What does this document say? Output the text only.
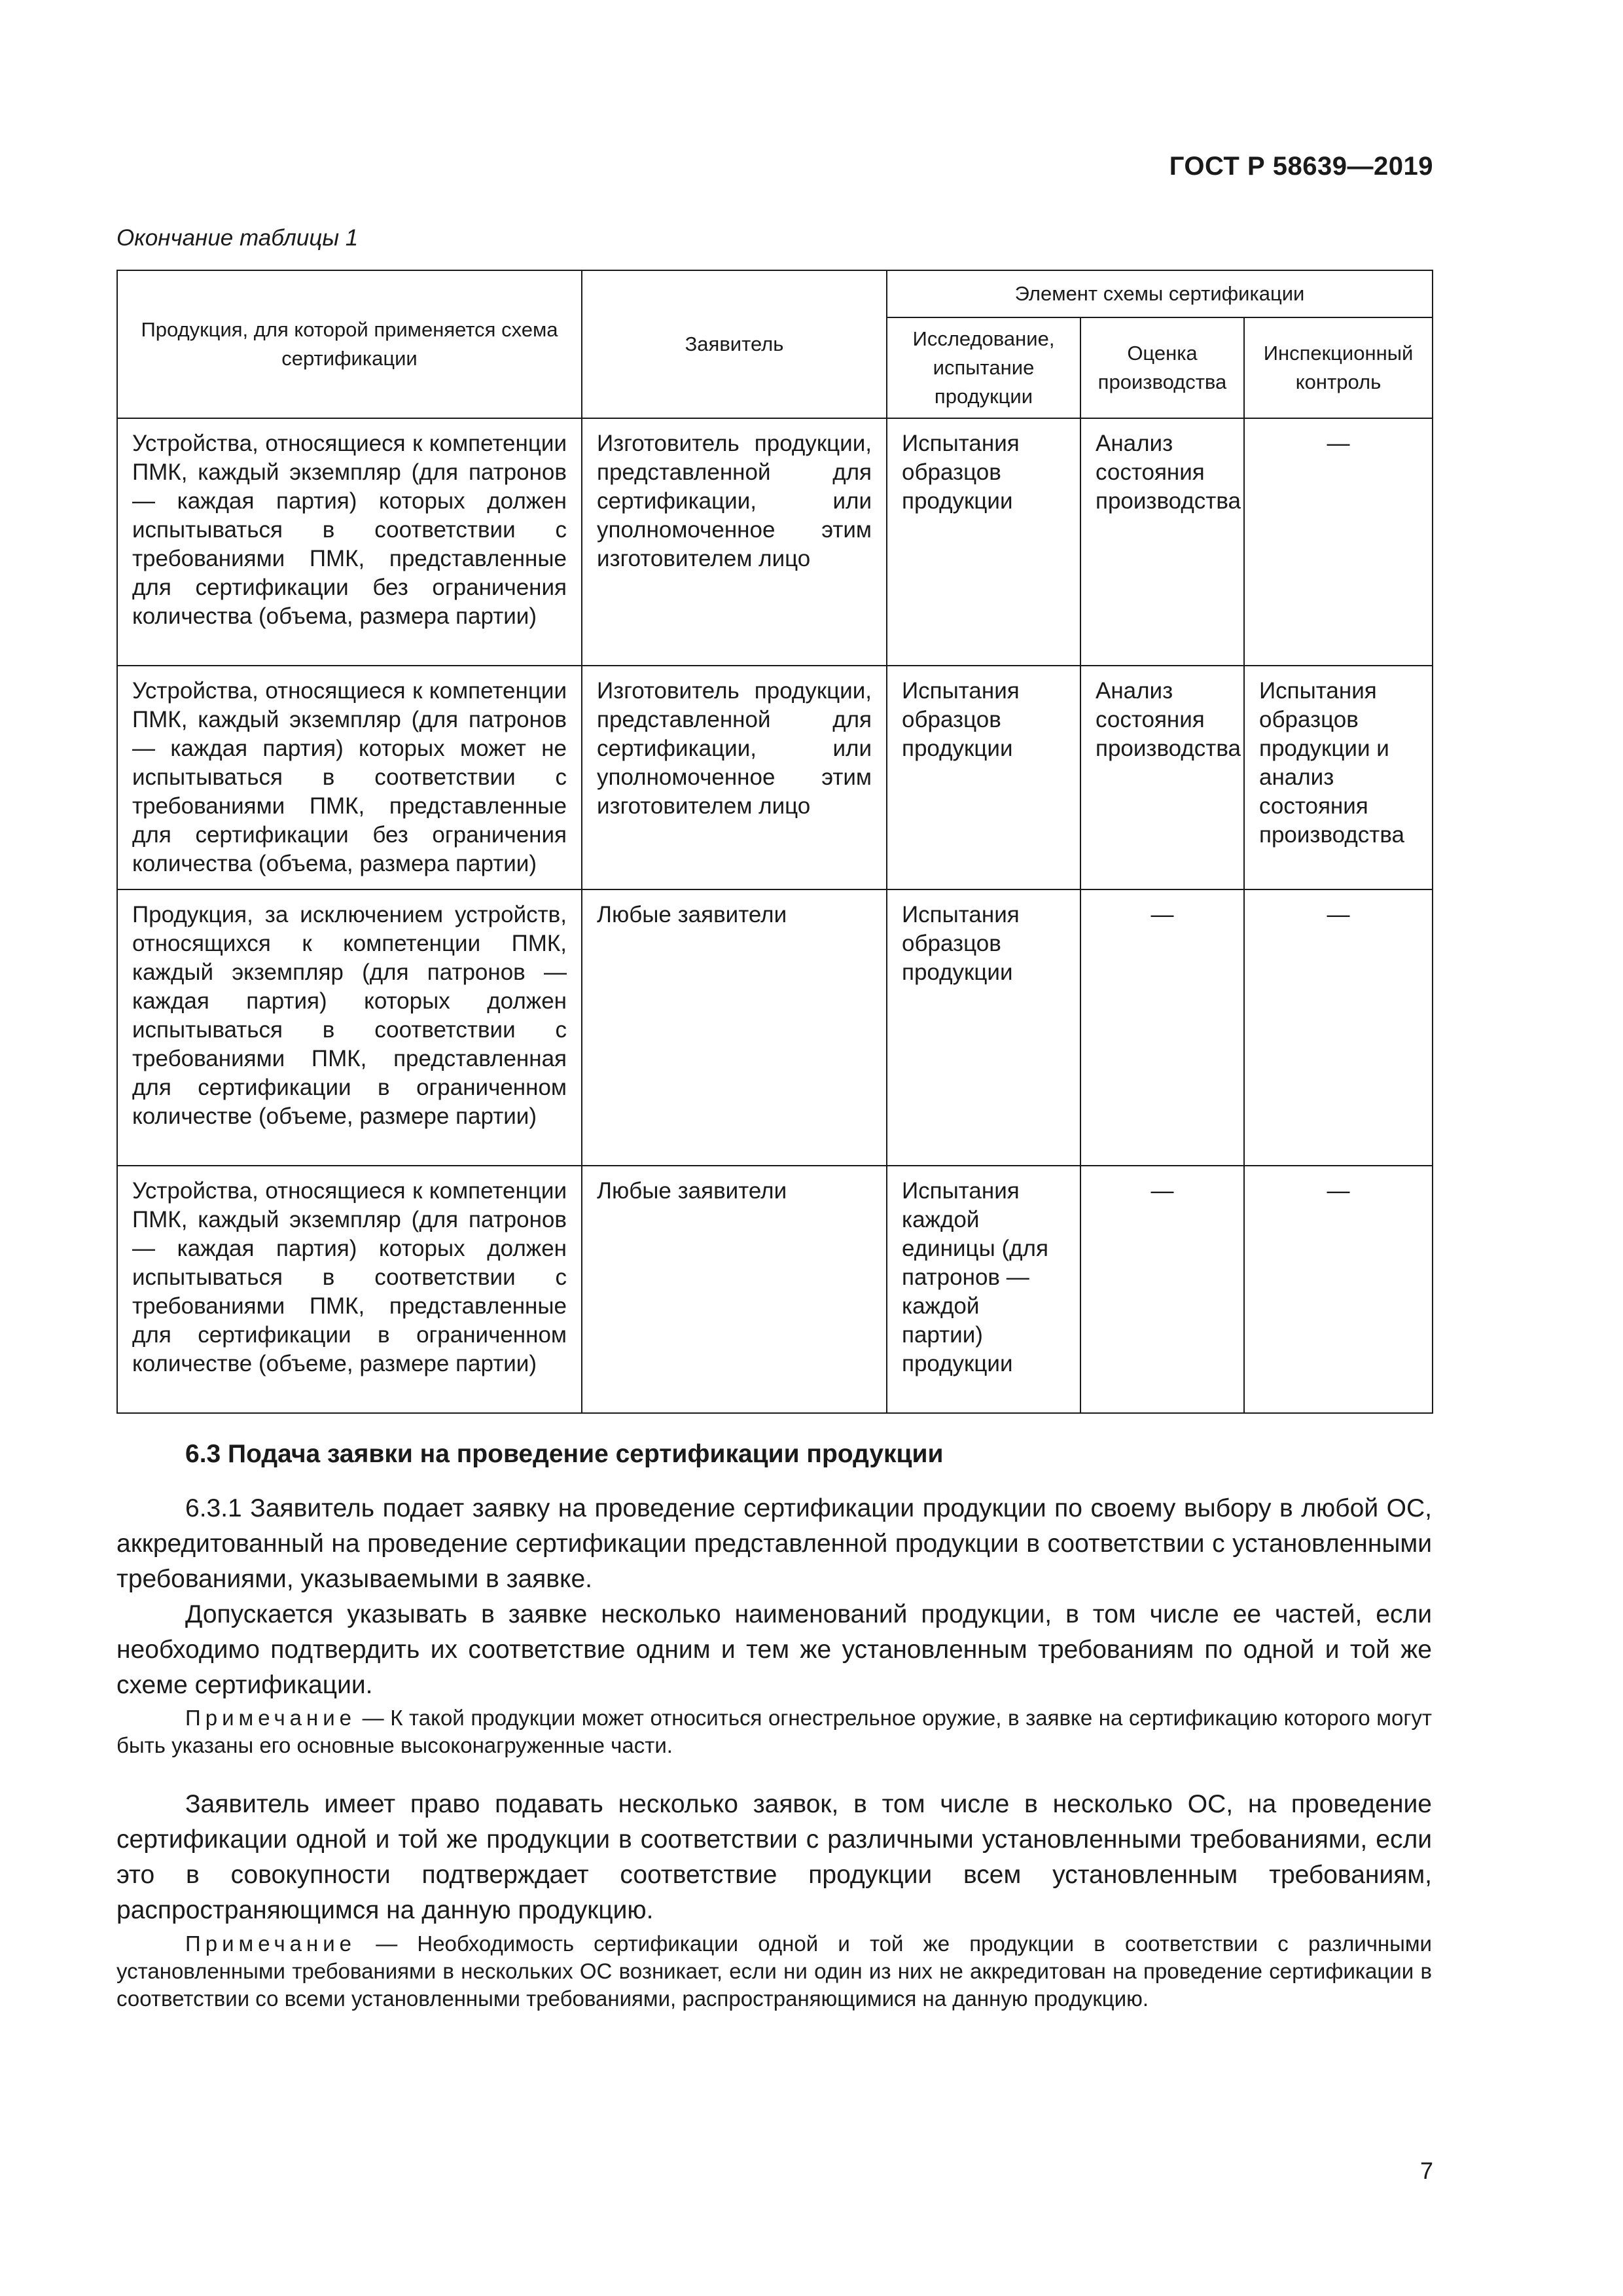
ГОСТ Р 58639—2019
Окончание таблицы 1
Продукция, для которой применяется схема сертификации	Заявитель	Элемент схемы сертификации		
		Исследование, испытание продукции	Оценка производства	Инспекционный контроль
Устройства, относящиеся к компетенции ПМК, каждый экземпляр (для патронов — каждая партия) которых должен испытываться в соответствии с требованиями ПМК, представленные для сертификации без ограничения количества (объема, размера партии)	Изготовитель продукции, представленной для сертификации, или уполномоченное этим изготовителем лицо	Испытания образцов продукции	Анализ состояния производства	—
Устройства, относящиеся к компетенции ПМК, каждый экземпляр (для патронов — каждая партия) которых может не испытываться в соответствии с требованиями ПМК, представленные для сертификации без ограничения количества (объема, размера партии)	Изготовитель продукции, представленной для сертификации, или уполномоченное этим изготовителем лицо	Испытания образцов продукции	Анализ состояния производства	Испытания образцов продукции и анализ состояния производства
Продукция, за исключением устройств, относящихся к компетенции ПМК, каждый экземпляр (для патронов — каждая партия) которых должен испытываться в соответствии с требованиями ПМК, представленная для сертификации в ограниченном количестве (объеме, размере партии)	Любые заявители	Испытания образцов продукции	—	—
Устройства, относящиеся к компетенции ПМК, каждый экземпляр (для патронов — каждая партия) которых должен испытываться в соответствии с требованиями ПМК, представленные для сертификации в ограниченном количестве (объеме, размере партии)	Любые заявители	Испытания каждой единицы (для патронов — каждой партии) продукции	—	—
6.3 Подача заявки на проведение сертификации продукции

6.3.1 Заявитель подает заявку на проведение сертификации продукции по своему выбору в любой ОС, аккредитованный на проведение сертификации представленной продукции в соответствии с установленными требованиями, указываемыми в заявке.

Допускается указывать в заявке несколько наименований продукции, в том числе ее частей, если необходимо подтвердить их соответствие одним и тем же установленным требованиям по одной и той же схеме сертификации.

Примечание — К такой продукции может относиться огнестрельное оружие, в заявке на сертификацию которого могут быть указаны его основные высоконагруженные части.

Заявитель имеет право подавать несколько заявок, в том числе в несколько ОС, на проведение сертификации одной и той же продукции в соответствии с различными установленными требованиями, если это в совокупности подтверждает соответствие продукции всем установленным требованиям, распространяющимся на данную продукцию.

Примечание — Необходимость сертификации одной и той же продукции в соответствии с различными установленными требованиями в нескольких ОС возникает, если ни один из них не аккредитован на проведение сертификации в соответствии со всеми установленными требованиями, распространяющимися на данную продукцию.

7
